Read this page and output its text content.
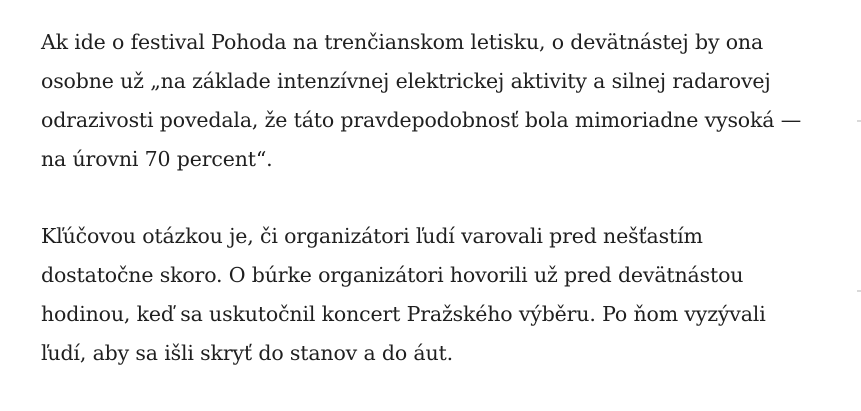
Ak ide o festival Pohoda na trenčianskom letisku, o devätnástej by ona osobne už „na základe intenzívnej elektrickej aktivity a silnej radarovej odrazivosti povedala, že táto pravdepodobnosť bola mimoriadne vysoká — na úrovni 70 percent“.

Kľúčovou otázkou je, či organizátori ľudí varovali pred nešťastím dostatočne skoro. O búrke organizátori hovorili už pred devätnástou hodinou, keď sa uskutočnil koncert Pražského výběru. Po ňom vyzývali ľudí, aby sa išli skryť do stanov a do áut.
